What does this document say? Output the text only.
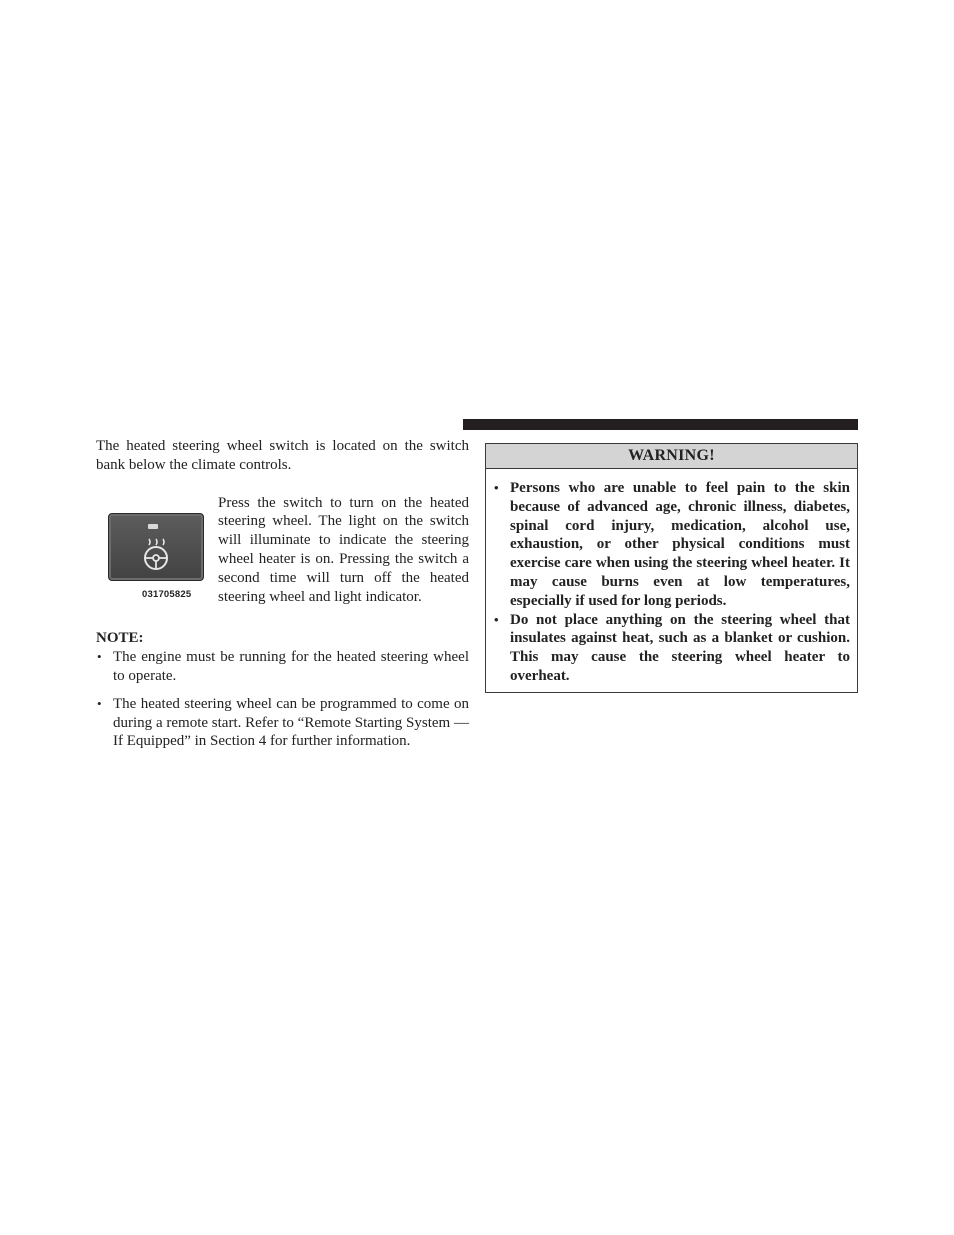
The heated steering wheel switch is located on the switch bank below the climate controls.

031705825

Press the switch to turn on the heated steering wheel. The light on the switch will illuminate to indicate the steering wheel heater is on. Pressing the switch a second time will turn off the heated steering wheel and light indicator.

NOTE:
• The engine must be running for the heated steering wheel to operate.
• The heated steering wheel can be programmed to come on during a remote start. Refer to “Remote Starting System — If Equipped” in Section 4 for further information.
WARNING!
• Persons who are unable to feel pain to the skin because of advanced age, chronic illness, diabetes, spinal cord injury, medication, alcohol use, exhaustion, or other physical conditions must exercise care when using the steering wheel heater. It may cause burns even at low temperatures, especially if used for long periods.
• Do not place anything on the steering wheel that insulates against heat, such as a blanket or cushion. This may cause the steering wheel heater to overheat.
